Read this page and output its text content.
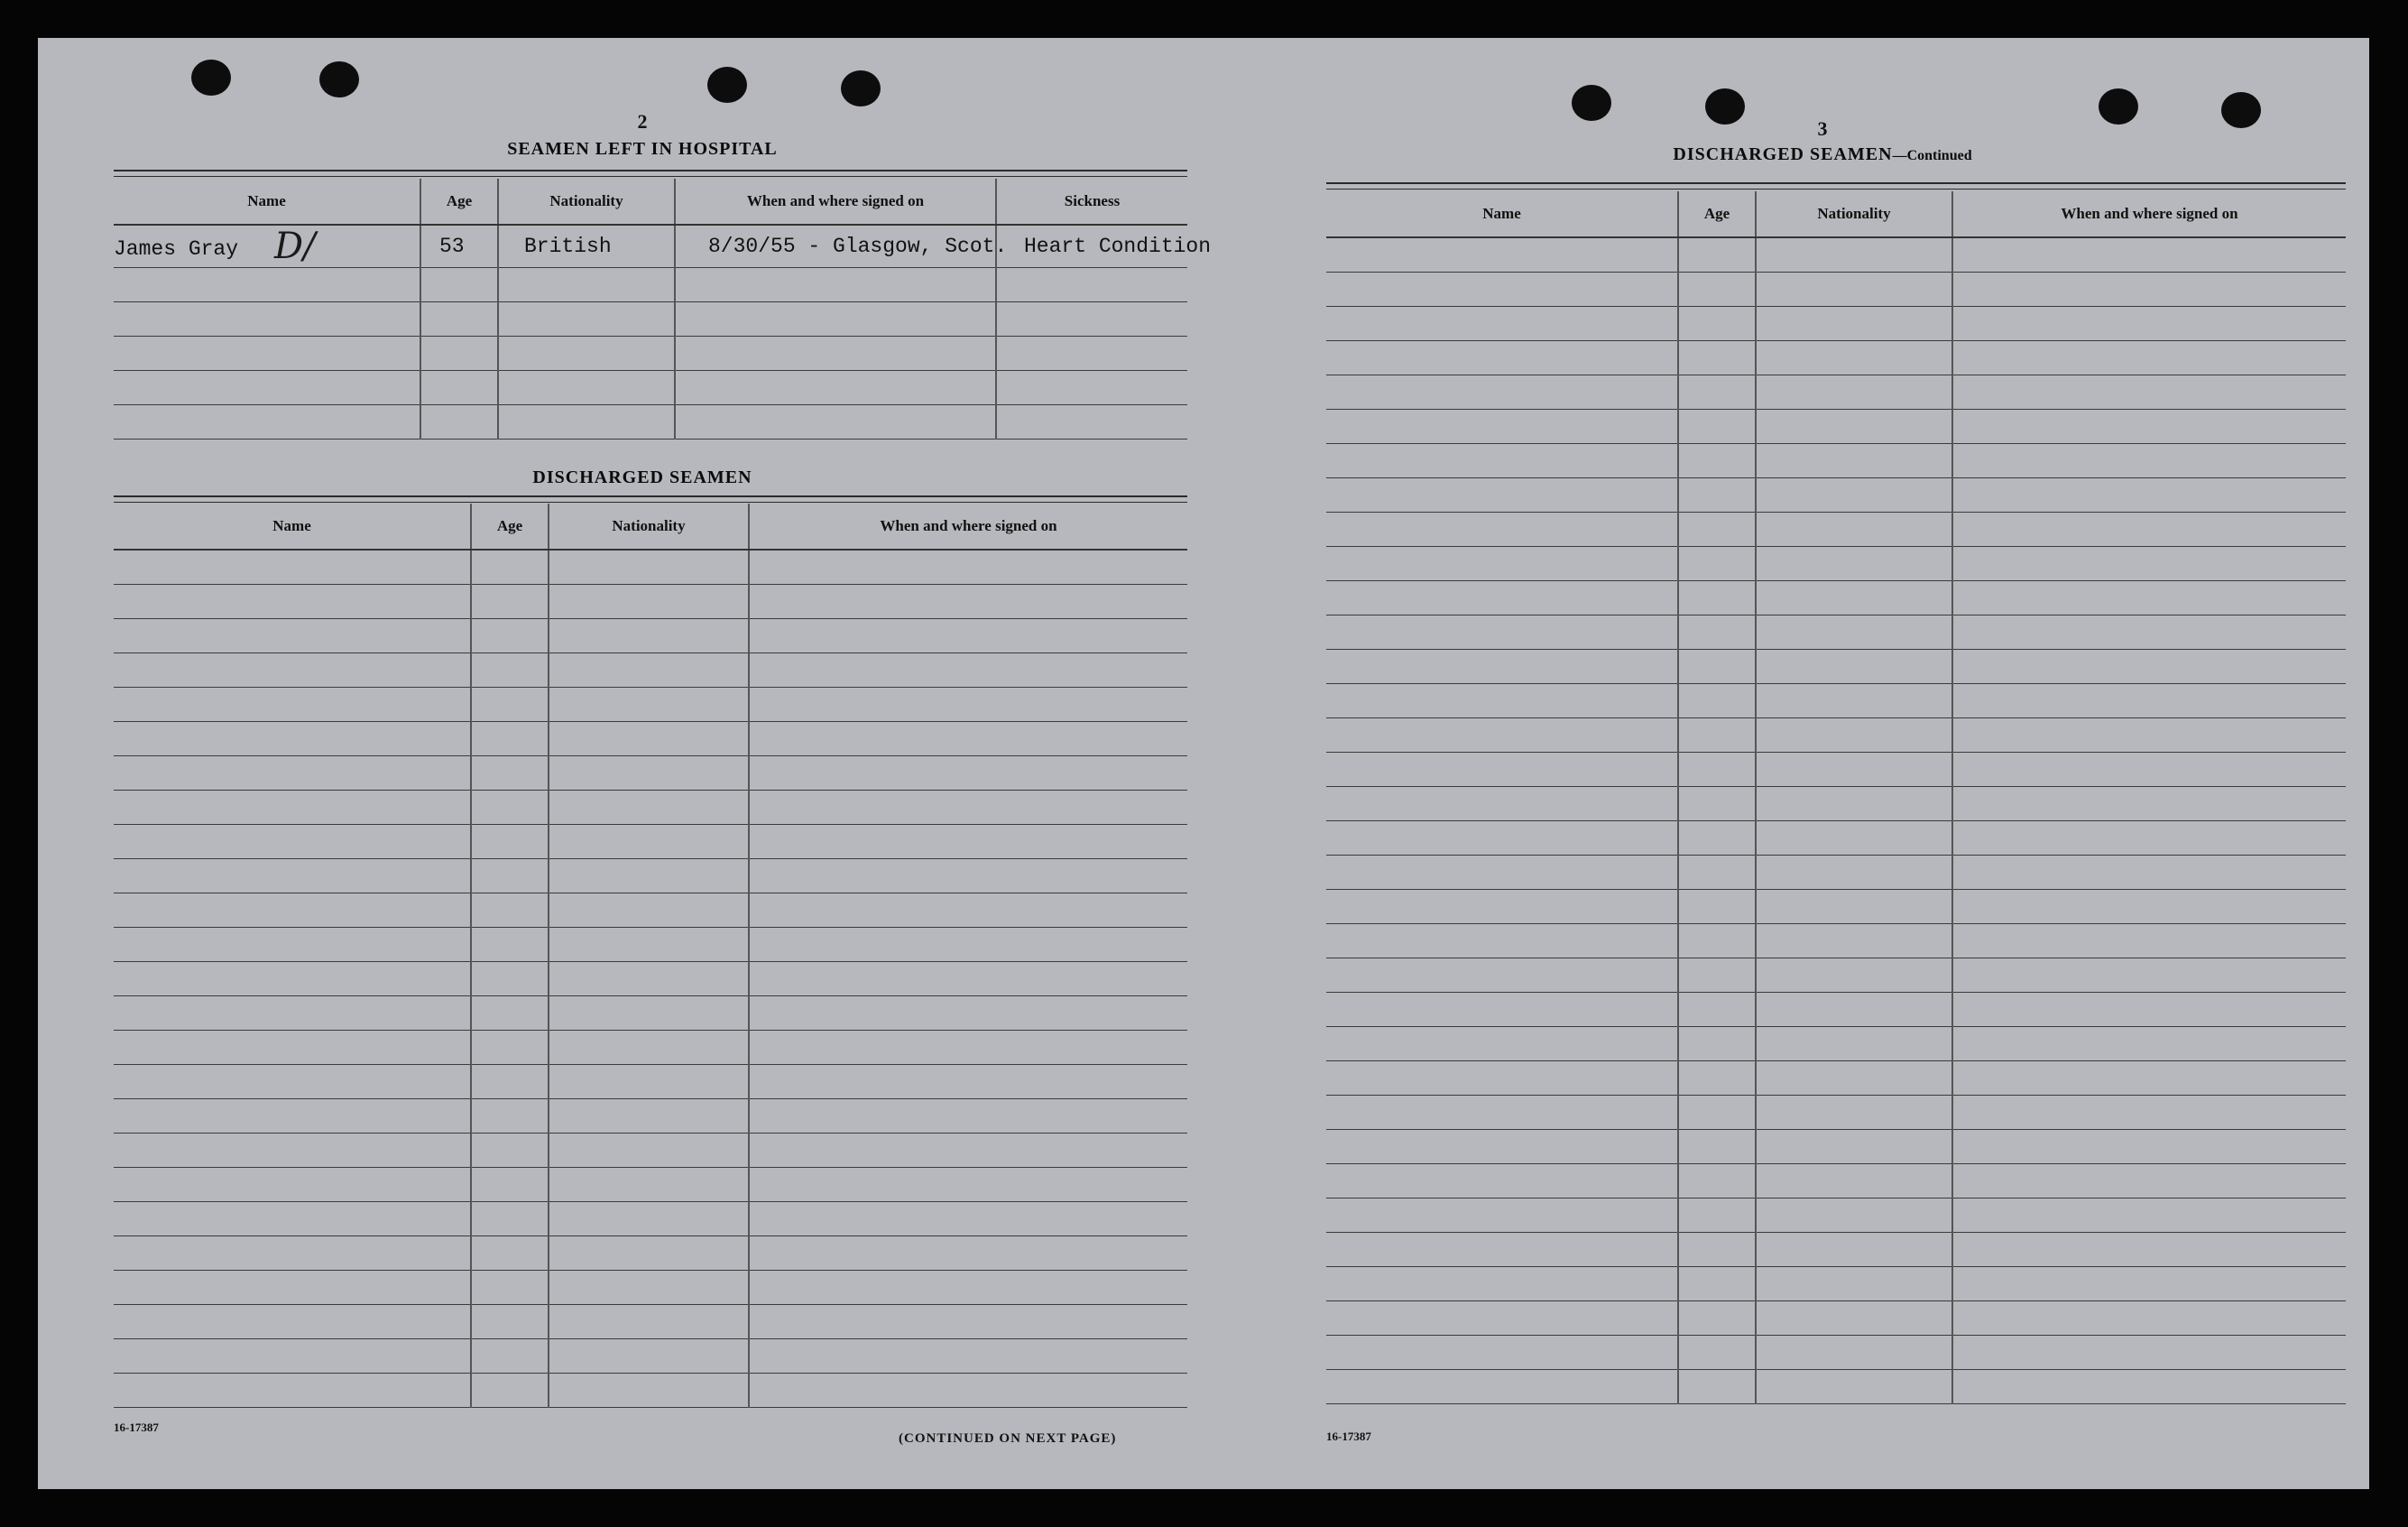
2
SEAMEN LEFT IN HOSPITAL
Name	Age	Nationality	When and where signed on	Sickness
James Gray D/	53	British	8/30/55 - Glasgow, Scot.	Heart Condition

DISCHARGED SEAMEN
Name	Age	Nationality	When and where signed on

16-17387
(CONTINUED ON NEXT PAGE)
3
DISCHARGED SEAMEN—Continued
Name	Age	Nationality	When and where signed on

16-17387
